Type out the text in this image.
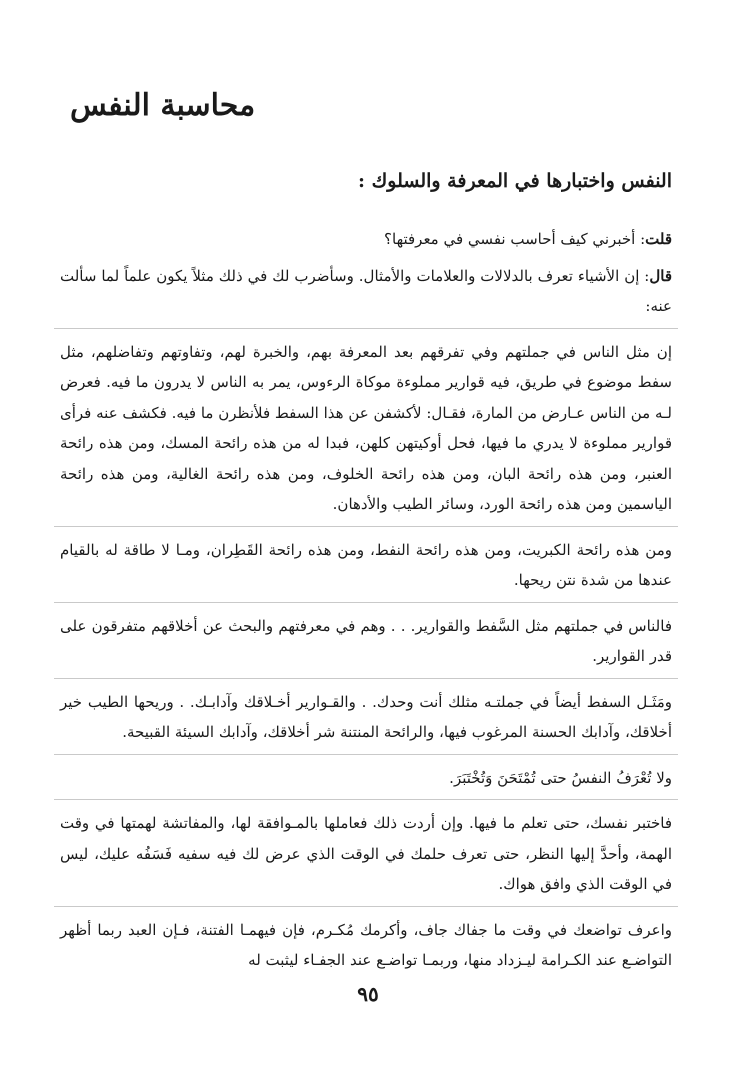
محاسبة النفس
النفس واختبارها في المعرفة والسلوك :

قلت: أخبرني كيف أحاسب نفسي في معرفتها؟

قال: إن الأشياء تعرف بالدلالات والعلامات والأمثال. وسأضرب لك في ذلك مثلاً يكون علماً لما سألت عنه:

إن مثل الناس في جملتهم وفي تفرقهم بعد المعرفة بهم، والخبرة لهم، وتفاوتهم وتفاضلهم، مثل سفط موضوع في طريق، فيه قوارير مملوءة موكاة الرءوس، يمر به الناس لا يدرون ما فيه. فعرض لـه من الناس عـارض من المارة، فقـال: لأكشفن عن هذا السفط فلأنظرن ما فيه. فكشف عنه فرأى قوارير مملوءة لا يدري ما فيها، فحل أوكيتهن كلهن، فبدا له من هذه رائحة المسك، ومن هذه رائحة العنبر، ومن هذه رائحة البان، ومن هذه رائحة الخلوف، ومن هذه رائحة الغالية، ومن هذه رائحة الياسمين ومن هذه رائحة الورد، وسائر الطيب والأدهان.

ومن هذه رائحة الكبريت، ومن هذه رائحة النفط، ومن هذه رائحة القَطِران، ومـا لا طاقة له بالقيام عندها من شدة نتن ريحها.

فالناس في جملتهم مثل السَّفط والقوارير. . . وهم في معرفتهم والبحث عن أخلاقهم متفرقون على قدر القوارير.

ومَثَـل السفط أيضاً في جملتـه مثلك أنت وحدك. . والقـوارير أخـلاقك وآدابـك. . وريحها الطيب خير أخلاقك، وآدابك الحسنة المرغوب فيها، والرائحة المنتنة شر أخلاقك، وآدابك السيئة القبيحة.

ولا تُعْرَفُ النفسُ حتى تُمْتَحَنَ وَتُخْتَبَرَ.

فاختبر نفسك، حتى تعلم ما فيها. وإن أردت ذلك فعاملها بالمـوافقة لها، والمفاتشة لهمتها في وقت الهمة، وأحدَّ إليها النظر، حتى تعرف حلمك في الوقت الذي عرض لك فيه سفيه فَسَفُه عليك، ليس في الوقت الذي وافق هواك.

واعرف تواضعك في وقت ما جفاك جاف، وأكرمك مُكـرم، فإن فيهمـا الفتنة، فـإن العبد ربما أظهر التواضـع عند الكـرامة ليـزداد منها، وربمـا تواضـع عند الجفـاء ليثبت له

٩٥
